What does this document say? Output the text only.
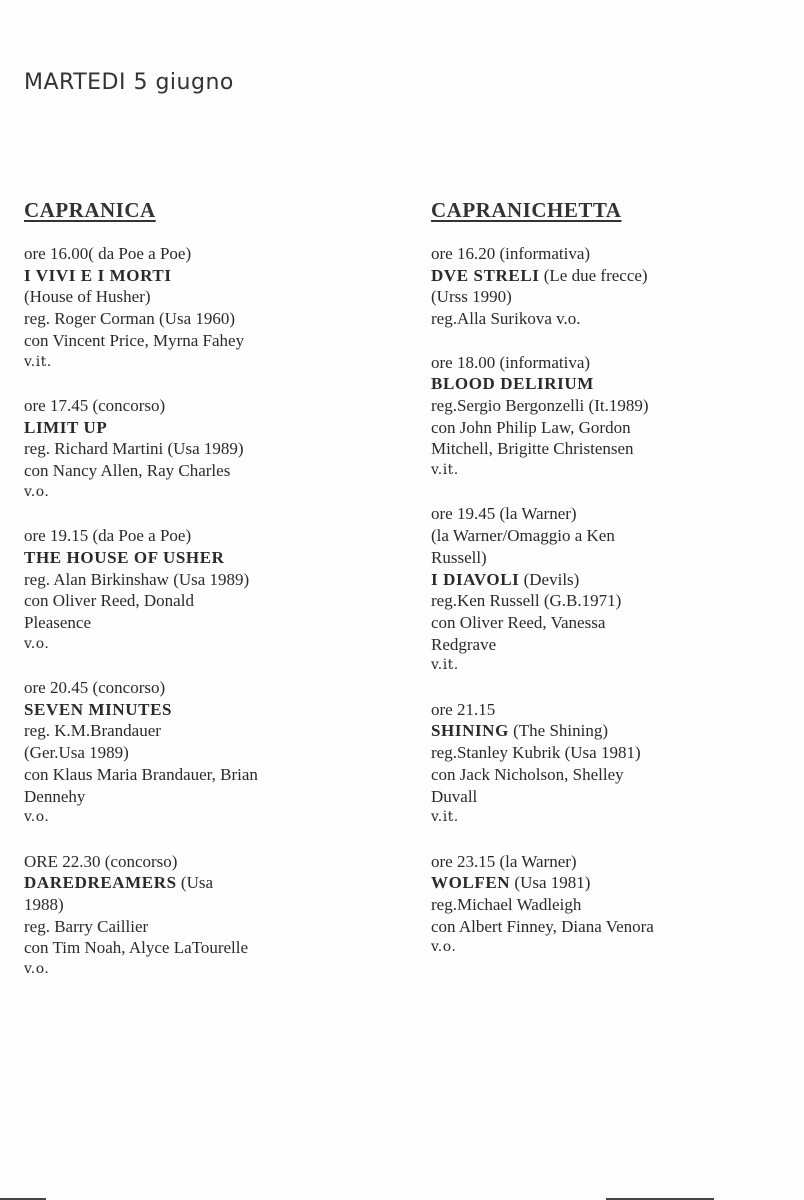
MARTEDI 5 giugno
CAPRANICA
ore 16.00( da Poe a Poe)
I VIVI E I MORTI
(House of Husher)
reg. Roger Corman (Usa 1960)
con Vincent Price, Myrna Fahey
v.it.
ore 17.45 (concorso)
LIMIT UP
reg. Richard Martini (Usa 1989)
con Nancy Allen, Ray Charles
v.o.
ore 19.15 (da Poe a Poe)
THE HOUSE OF USHER
reg. Alan Birkinshaw (Usa 1989)
con Oliver Reed, Donald
Pleasence
v.o.
ore 20.45 (concorso)
SEVEN MINUTES
reg. K.M.Brandauer
(Ger.Usa 1989)
con Klaus Maria Brandauer, Brian
Dennehy
v.o.
ORE 22.30 (concorso)
DAREDREAMERS (Usa
1988)
reg. Barry Caillier
con Tim Noah, Alyce LaTourelle
v.o.
CAPRANICHETTA
ore 16.20 (informativa)
DVE STRELI (Le due frecce)
(Urss 1990)
reg.Alla Surikova v.o.
ore 18.00 (informativa)
BLOOD DELIRIUM
reg.Sergio Bergonzelli (It.1989)
con John Philip Law, Gordon
Mitchell, Brigitte Christensen
v.it.
ore 19.45 (la Warner)
(la Warner/Omaggio a Ken
Russell)
I DIAVOLI (Devils)
reg.Ken Russell (G.B.1971)
con Oliver Reed, Vanessa
Redgrave
v.it.
ore 21.15
SHINING (The Shining)
reg.Stanley Kubrik (Usa 1981)
con Jack Nicholson, Shelley
Duvall
v.it.
ore 23.15 (la Warner)
WOLFEN (Usa 1981)
reg.Michael Wadleigh
con Albert Finney, Diana Venora
v.o.
